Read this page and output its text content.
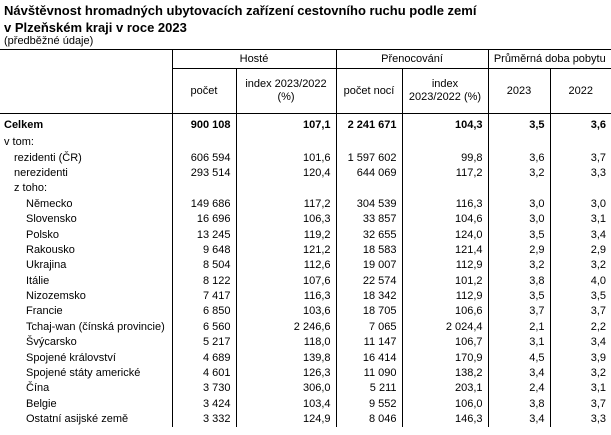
Návštěvnost hromadných ubytovacích zařízení cestovního ruchu podle zemí
v Plzeňském kraji v roce 2023
(předběžné údaje)
	Hosté		Přenocování		Průměrná doba pobytu	
	počet	index 2023/2022 (%)	počet nocí	index 2023/2022 (%)	2023	2022
Celkem	900 108	107,1	2 241 671	104,3	3,5	3,6
v tom:						
rezidenti (ČR)	606 594	101,6	1 597 602	99,8	3,6	3,7
nerezidenti	293 514	120,4	644 069	117,2	3,2	3,3
z toho:						
Německo	149 686	117,2	304 539	116,3	3,0	3,0
Slovensko	16 696	106,3	33 857	104,6	3,0	3,1
Polsko	13 245	119,2	32 655	124,0	3,5	3,4
Rakousko	9 648	121,2	18 583	121,4	2,9	2,9
Ukrajina	8 504	112,6	19 007	112,9	3,2	3,2
Itálie	8 122	107,6	22 574	101,2	3,8	4,0
Nizozemsko	7 417	116,3	18 342	112,9	3,5	3,5
Francie	6 850	103,6	18 705	106,6	3,7	3,7
Tchaj-wan (čínská provincie)	6 560	2 246,6	7 065	2 024,4	2,1	2,2
Švýcarsko	5 217	118,0	11 147	106,7	3,1	3,4
Spojené království	4 689	139,8	16 414	170,9	4,5	3,9
Spojené státy americké	4 601	126,3	11 090	138,2	3,4	3,2
Čína	3 730	306,0	5 211	203,1	2,4	3,1
Belgie	3 424	103,4	9 552	106,0	3,8	3,7
Ostatní asijské země	3 332	124,9	8 046	146,3	3,4	3,3
